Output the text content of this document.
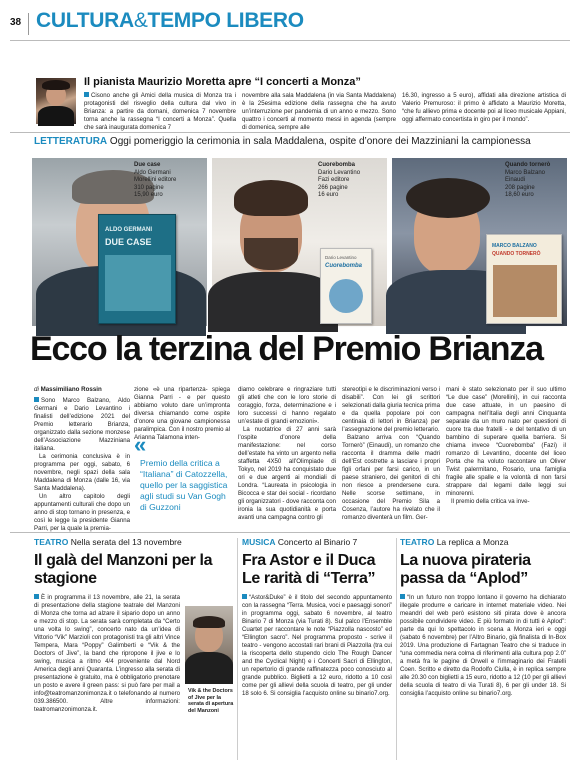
38 CULTURA&TEMPO LIBERO
Il pianista Maurizio Moretta apre “I concerti a Monza”
Cisono anche gli Amici della musica di Monza tra i protagonisti del risveglio della cultura dal vivo in Brianza: a partire da domani, domenica 7 novembre torna anche la rassegna “I concerti a Monza”. Quella che sarà inaugurata domenica 7
novembre alla sala Maddalena (in via Santa Maddalena) è la 25esima edizione della rassegna che ha avuto un’interruzione per pandemia di un anno e mezzo. Sono quattro i concerti al momento messi in agenda (sempre di domenica, sempre alle
16.30, ingresso a 5 euro), affidati alla direzione artistica di Valerio Premuroso: il primo è affidato a Maurizio Moretta, “che fu allievo prima e docente poi al liceo musicale Appiani, oggi affermato concertista in giro per il mondo”.
LETTERATURA Oggi pomeriggio la cerimonia in sala Maddalena, ospite d’onore dei Mazziniani la campionessa
ALDO GERMANI
DUE CASE
Due case
Aldo Germani
Morellini editore
310 pagine
15,90 euro
Dario Levantino
Cuorebomba
Cuorebomba
Dario Levantino
Fazi editore
266 pagine
16 euro
MARCO BALZANO
QUANDO TORNERÒ
Quando tornerò
Marco Balzano
Einaudi
208 pagine
18,60 euro
Ecco la terzina del Premio Brianza
di Massimiliano Rossin

Sono Marco Balzano, Aldo Germani e Dario Levantino i finalisti dell’edizione 2021 del Premio letterario Brianza, organizzato dalla sezione monzese dell’Associazione Mazziniana italiana.

La cerimonia conclusiva è in programma per oggi, sabato, 6 novembre, negli spazi della sala Maddalena di Monza (dalle 16, via Santa Maddalena).

Un altro capitolo degli appuntamenti culturali che dopo un anno di stop tornano in presenza, e così le legge la presidente Gianna Parri, per la quale la premia-

zione «è una ripartenza- spiega Gianna Parri - e per questo abbiamo voluto dare un’impronta diversa chiamando come ospite d’onore una giovane campionessa paralimpica. Con il nostro premio al Arianna Talamona inten-
«
Premio della critica a “Italiana” di Catozzella, quello per la saggistica agli studi su Van Gogh di Guzzoni

diamo celebrare e ringraziare tutti gli atleti che con le loro storie di coraggio, forza, determinazione e i loro successi ci hanno regalato un’estate di grandi emozioni».

La nuotatrice di 27 anni sarà l’ospite d’onore della manifestazione: nel corso dell’estate ha vinto un argento nella staffetta 4X50 all’Olimpiade di Tokyo, nel 2019 ha conquistato due ori e due argenti ai mondiali di Londra. “Laureata in psicologia in Bicocca e star dei social - ricordano gli organizzatori - dove racconta con ironia la sua quotidianità e porta avanti una campagna contro gli

stereotipi e le discriminazioni verso i disabili”. Con lei gli scrittori selezionati dalla giuria tecnica prima e da quella popolare poi con centinaia di lettori in Brianza) per l’assegnazione del premio letterario.

Balzano arriva con “Quando Tornerò” (Einaudi), un romanzo che racconta il dramma delle madri dell’Est costrette a lasciare i propri figli orfani per farsi carico, in un paese straniero, dei genitori di chi non riesce a prendersene cura. Nelle scorse settimane, in occasione del Premio Sila a Cosenza, l’autore ha rivelato che il romanzo diventerà un film. Ger-

mani è stato selezionato per il suo ultimo “Le due case” (Morellini), in cui racconta due case attuate, in un paesino di campagna nell’Italia degli anni Cinquanta separate da un muro nato per questioni di cuore tra due fratelli - e del tentativo di un bambino di superare quella barriera. Si chiama invece “Cuorebomba” (Fazi) il romanzo di Levantino, docente del liceo Porta che ha voluto raccontare un Oliver Twist palermitano, Rosario, una famiglia fragile alle spalle e la volontà di non farsi strappare dal legami dalle leggi sui minorenni.

Il premio della critica va inve-

TEATRO Nella serata del 13 novembre
Il galà del Manzoni per la stagione
È in programma il 13 novembre, alle 21, la serata di presentazione della stagione teatrale del Manzoni di Monza che torna ad alzare il sipario dopo un anno e mezzo di stop. La serata sarà completata da “Certo una volta lo swing”, concerto nato da un’idea di Vittorio “Vik” Marzioli con protagonisti tra gli altri Vince Tempera, Mara “Poppy” Galimberti e “Vik & the Doctors of Jive”, la band che ripropone il jive e lo swing, musica a ritmo 4/4 proveniente dal Nord America degli anni Quaranta. L’ingresso alla serata di presentazione è gratuito, ma è obbligatorio prenotare un posto e avere il green pass: si può fare per mail a info@teatromanzonimonza.it o telefonando al numero 039.386500. Altre informazioni: teatromanzonimonza.it.
Vik & the Doctors of Jive per la serata di apertura del Manzoni
MUSICA Concerto al Binario 7
Fra Astor e il Duca Le rarità di “Terra”
“Astor&Duke” è il titolo del secondo appuntamento con la rassegna “Terra. Musica, voci e paesaggi sonori” in programma oggi, sabato 6 novembre, al teatro Binario 7 di Monza (via Turati 8). Sul palco l’Ensemble Cuartet per raccontare le note “Piazzolla nascosto” ed “Ellington sacro”. Nel programma proposto - scrive il teatro - vengono accostati rari brani di Piazzolla (tra cui la riscoperta dello stupendo ciclo The Rough Dancer and the Cyclical Night) e i Concerti Sacri di Ellington, un repertorio di grande raffinatezza poco conosciuto al grande pubblico. Biglietti a 12 euro, ridotto a 10 così come per gli allievi della scuola di teatro, per gli under 18 solo 6. Si consiglia l’acquisto online su binario7.org.
TEATRO La replica a Monza
La nuova pirateria passa da “Aplod”
“In un futuro non troppo lontano il governo ha dichiarato illegale produrre e caricare in internet materiale video. Nei meandri del web però esistono siti pirata dove è ancora possibile condividere video. E più formato in di tutti è Aplod”: parte da qui lo spettacolo in scena a Monza ieri e oggi (sabato 6 novembre) per l’Altro Binario, già finalista di In-Box 2019. Una produzione di Fartagnan Teatro che si traduce in “una commedia nera colma di riferimenti alla cultura pop 2.0” a metà fra le pagine di Orwell e l’immaginario dei Fratelli Coen. Scritto e diretto da Rodolfo Ciulla, è in replica sempre alle 20.30 con biglietti a 15 euro, ridotto a 12 (10 per gli allievi della scuola di teatro di via Turati 8), 6 per gli under 18. Si consiglia l’acquisto online su binario7.org.
